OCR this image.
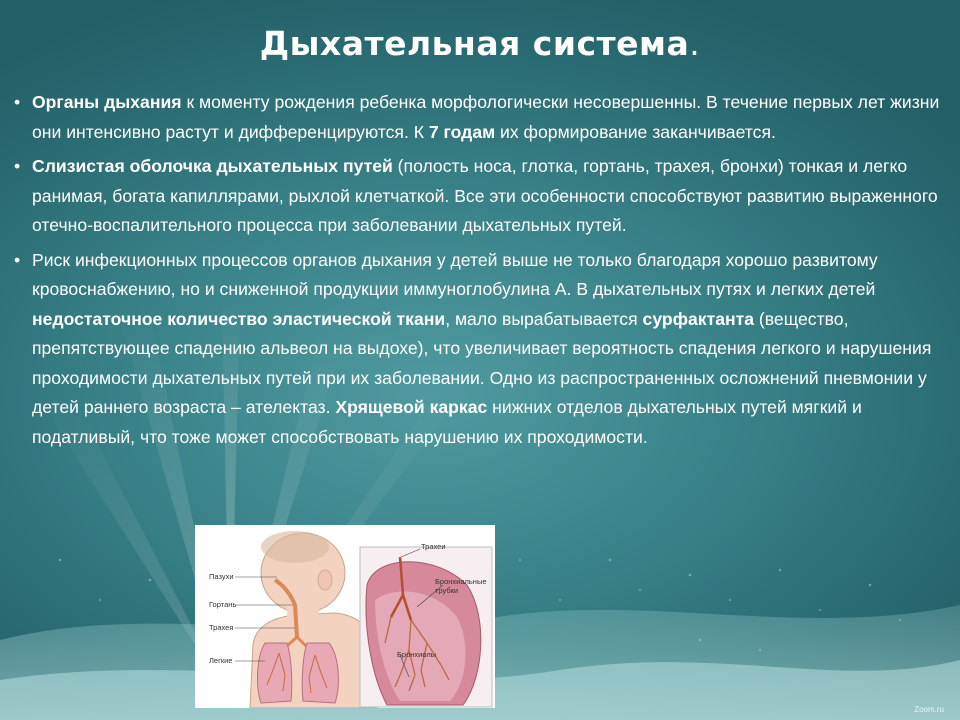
Дыхательная система.
• Органы дыхания к моменту рождения ребенка морфологически несовершенны. В течение первых лет жизни они интенсивно растут и дифференцируются. К 7 годам их формирование заканчивается.
• Слизистая оболочка дыхательных путей (полость носа, глотка, гортань, трахея, бронхи) тонкая и легко ранимая, богата капиллярами, рыхлой клетчаткой. Все эти особенности способствуют развитию выраженного отечно-воспалительного процесса при заболевании дыхательных путей.
• Риск инфекционных процессов органов дыхания у детей выше не только благодаря хорошо развитому кровоснабжению, но и сниженной продукции иммуноглобулина А. В дыхательных путях и легких детей недостаточное количество эластической ткани, мало вырабатывается сурфактанта (вещество, препятствующее спадению альвеол на выдохе), что увеличивает вероятность спадения легкого и нарушения проходимости дыхательных путей при их заболевании. Одно из распространенных осложнений пневмонии у детей раннего возраста – ателектаз. Хрящевой каркас нижних отделов дыхательных путей мягкий и податливый, что тоже может способствовать нарушению их проходимости.
Пазухи
Гортань
Трахея
Легкие
Трахеи
Бронхиальные трубки
Бронхиолы
Zoom.ru
